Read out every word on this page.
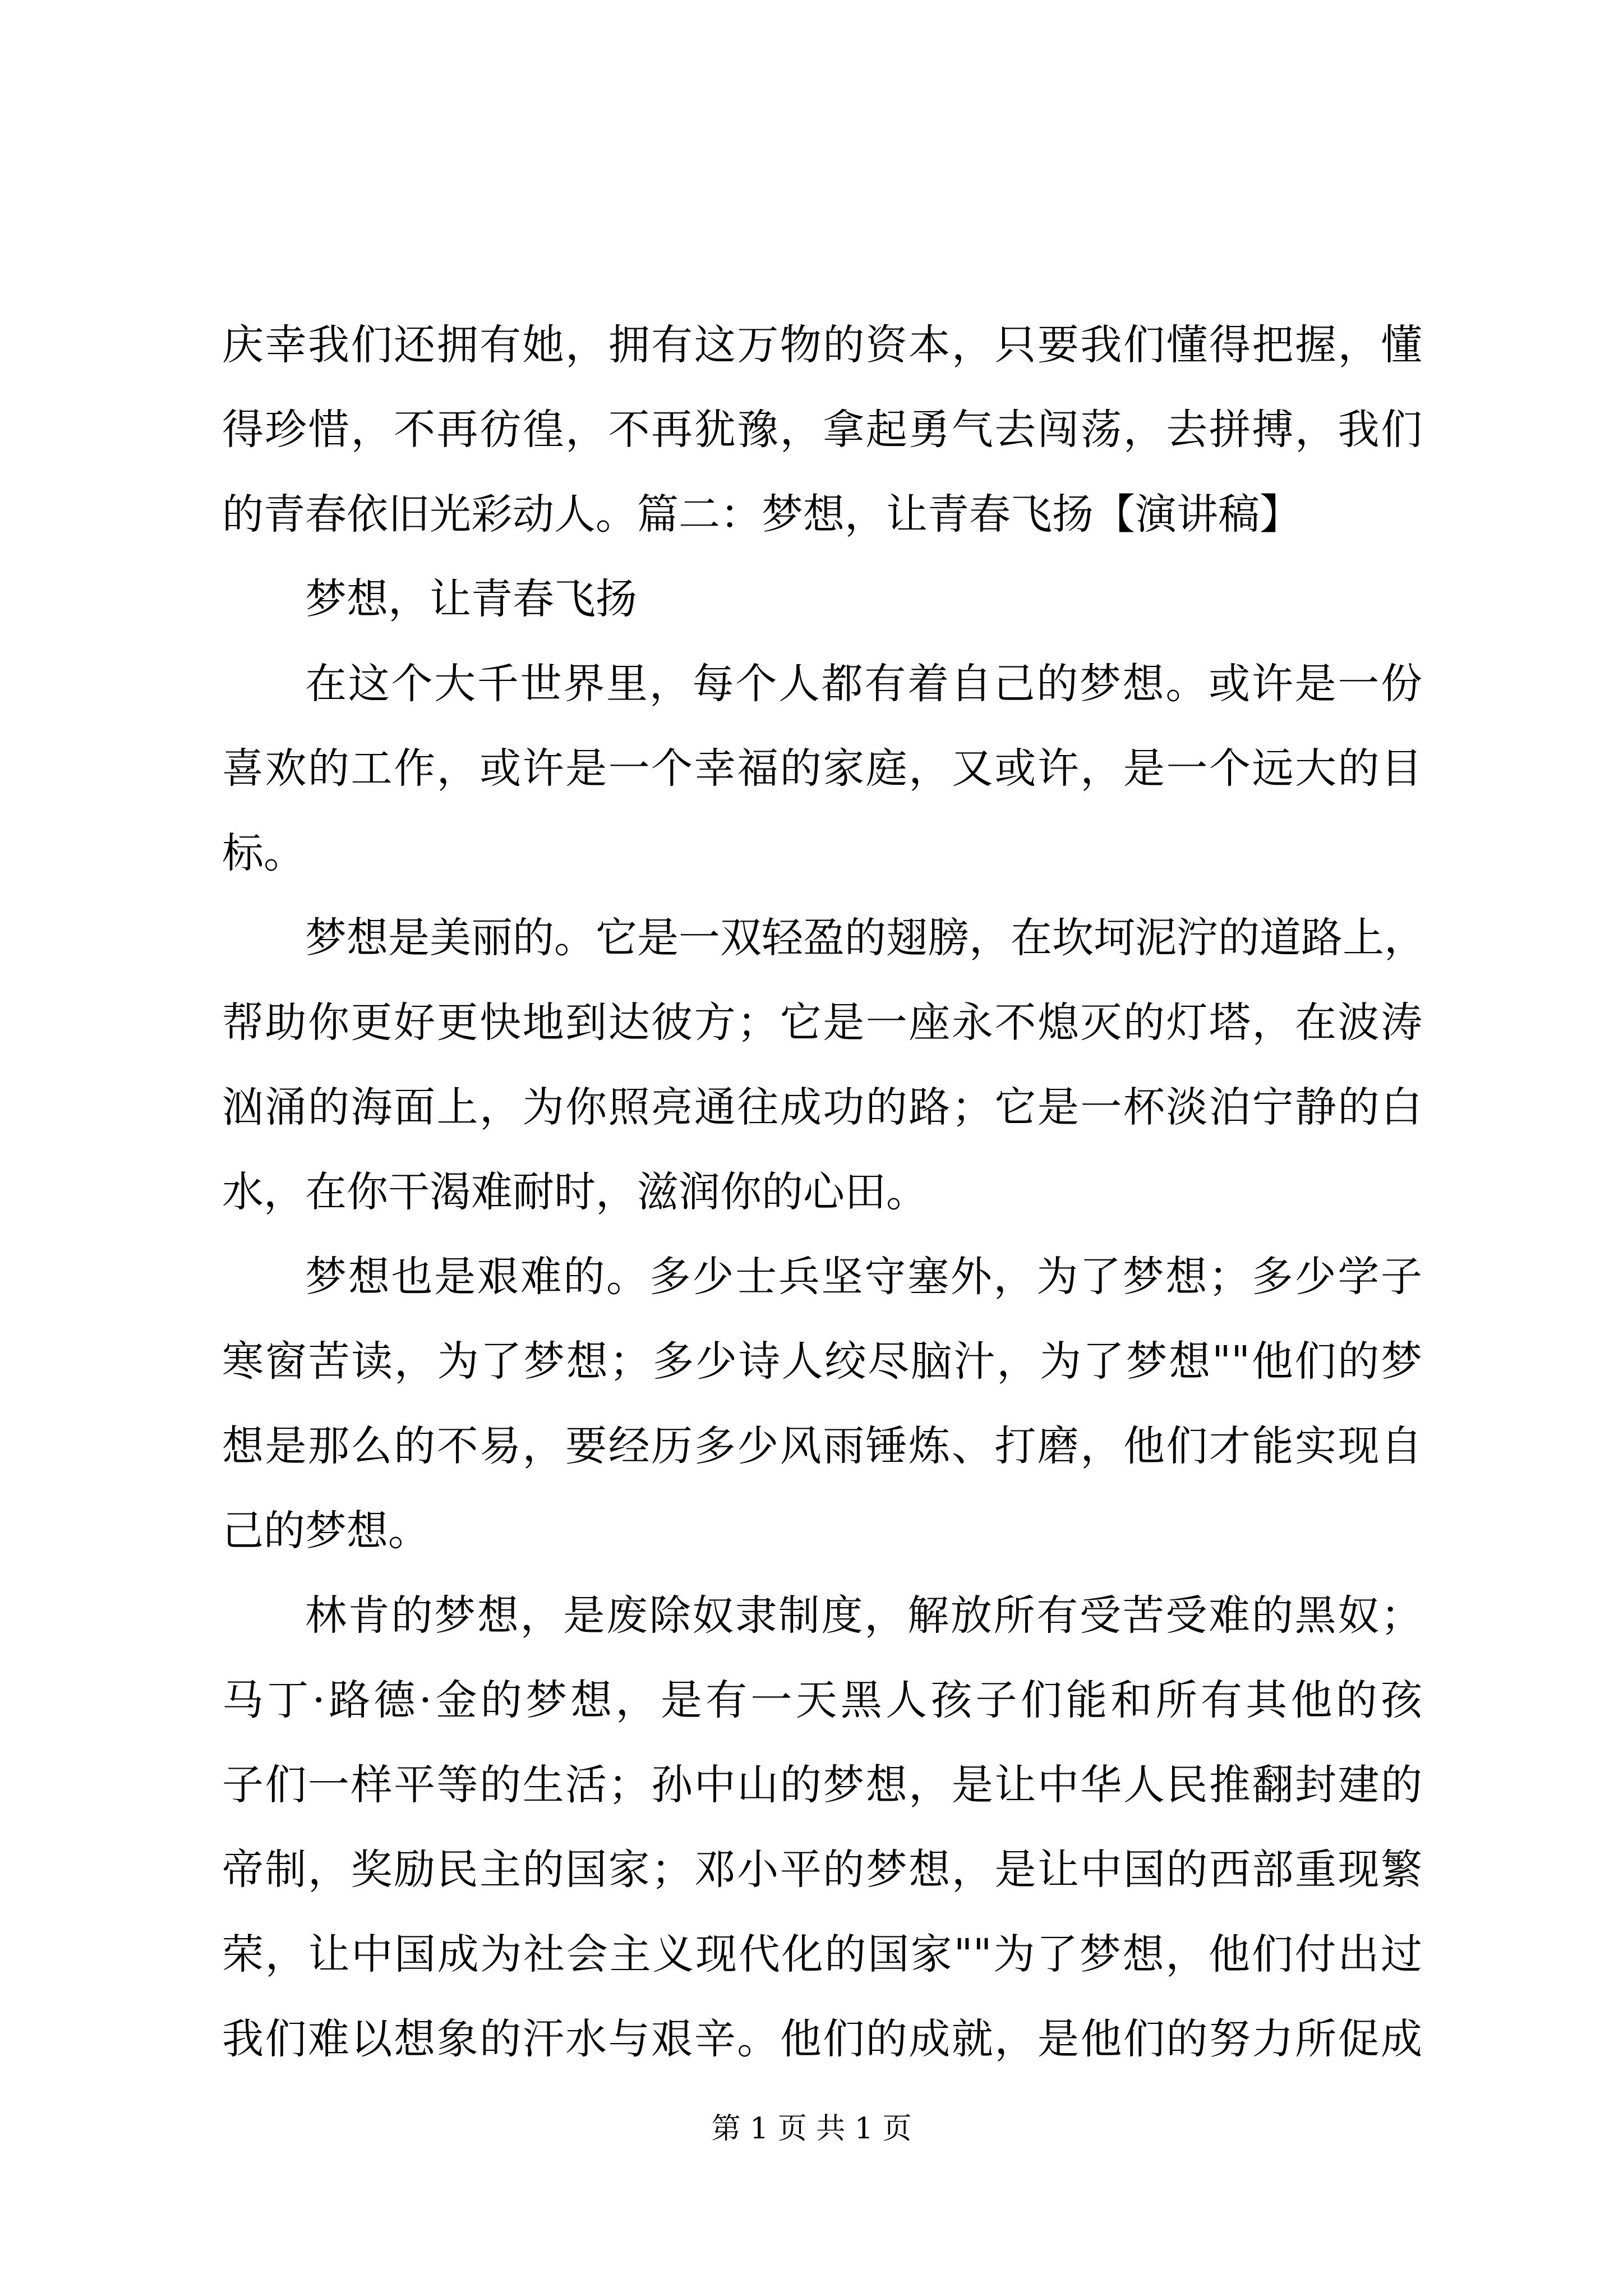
庆幸我们还拥有她，拥有这万物的资本，只要我们懂得把握，懂
得珍惜，不再彷徨，不再犹豫，拿起勇气去闯荡，去拼搏，我们
的青春依旧光彩动人。篇二：梦想，让青春飞扬【演讲稿】
梦想，让青春飞扬
在这个大千世界里，每个人都有着自己的梦想。或许是一份
喜欢的工作，或许是一个幸福的家庭，又或许，是一个远大的目
标。
梦想是美丽的。它是一双轻盈的翅膀，在坎坷泥泞的道路上，
帮助你更好更快地到达彼方；它是一座永不熄灭的灯塔，在波涛
汹涌的海面上，为你照亮通往成功的路；它是一杯淡泊宁静的白
水，在你干渴难耐时，滋润你的心田。
梦想也是艰难的。多少士兵坚守塞外，为了梦想；多少学子
寒窗苦读，为了梦想；多少诗人绞尽脑汁，为了梦想""他们的梦
想是那么的不易，要经历多少风雨锤炼、打磨，他们才能实现自
己的梦想。
林肯的梦想，是废除奴隶制度，解放所有受苦受难的黑奴；
马丁·路德·金的梦想，是有一天黑人孩子们能和所有其他的孩
子们一样平等的生活；孙中山的梦想，是让中华人民推翻封建的
帝制，奖励民主的国家；邓小平的梦想，是让中国的西部重现繁
荣，让中国成为社会主义现代化的国家""为了梦想，他们付出过
我们难以想象的汗水与艰辛。他们的成就，是他们的努力所促成
第 1 页 共 1 页
